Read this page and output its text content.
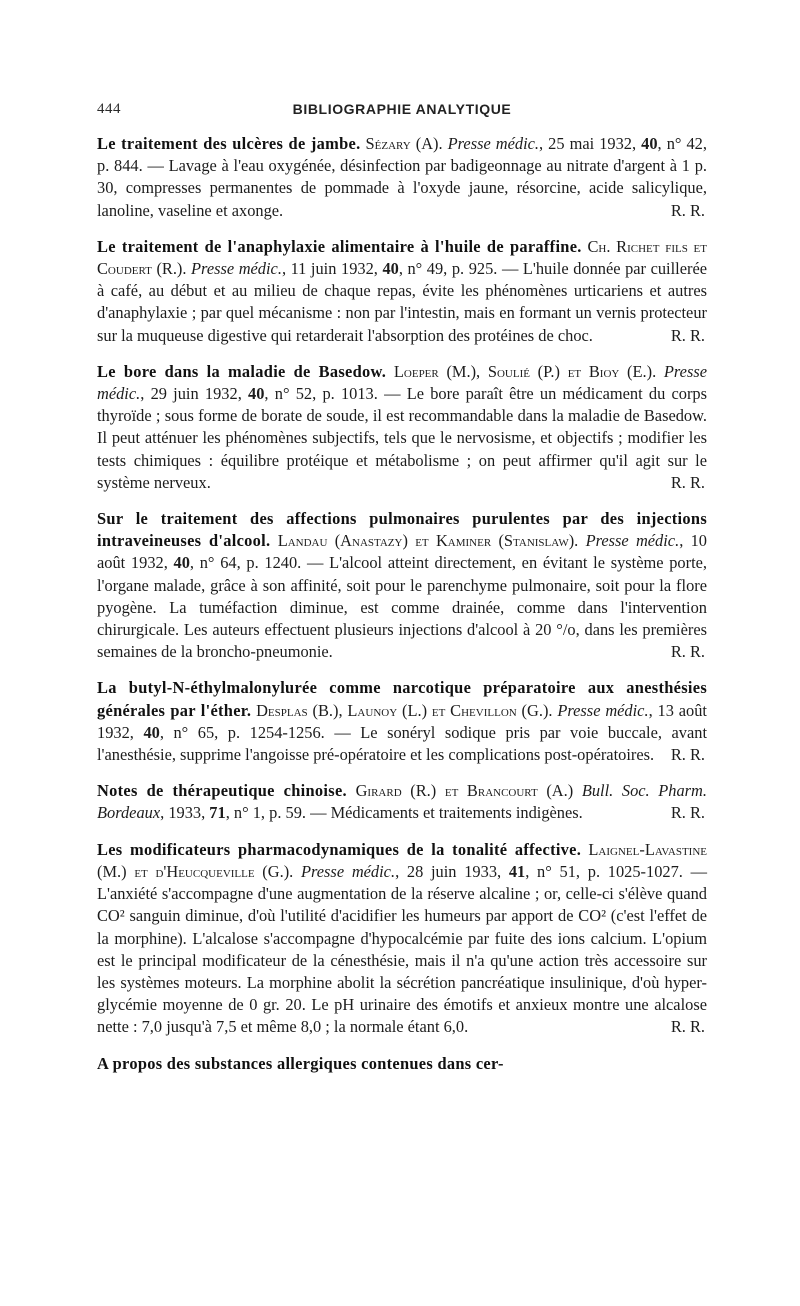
444	BIBLIOGRAPHIE ANALYTIQUE

Le traitement des ulcères de jambe. Sézary (A). Presse médic., 25 mai 1932, 40, n° 42, p. 844. — Lavage à l'eau oxygénée, désinfection par badigeonnage au nitrate d'argent à 1 p. 30, compresses permanentes de pommade à l'oxyde jaune, résorcine, acide salicylique, lanoline, vaseline et axonge.	R. R.

Le traitement de l'anaphylaxie alimentaire à l'huile de paraffine. Ch. Richet fils et Coudert (R.). Presse médic., 11 juin 1932, 40, n° 49, p. 925. — L'huile donnée par cuillerée à café, au début et au milieu de chaque repas, évite les phénomènes urticariens et autres d'anaphylaxie ; par quel mécanisme : non par l'intestin, mais en formant un vernis protecteur sur la muqueuse digestive qui retarderait l'absorption des protéines de choc.	R. R.

Le bore dans la maladie de Basedow. Loeper (M.), Soulié (P.) et Bioy (E.). Presse médic., 29 juin 1932, 40, n° 52, p. 1013. — Le bore paraît être un médicament du corps thyroïde ; sous forme de borate de soude, il est recommandable dans la maladie de Basedow. Il peut atténuer les phénomènes subjectifs, tels que le nervosisme, et objectifs ; modifier les tests chimiques : équilibre protéique et métabolisme ; on peut affirmer qu'il agit sur le système nerveux.	R. R.

Sur le traitement des affections pulmonaires purulentes par des injections intraveineuses d'alcool. Landau (Anastazy) et Kaminer (Stanislaw). Presse médic., 10 août 1932, 40, n° 64, p. 1240. — L'alcool atteint directement, en évitant le système porte, l'organe malade, grâce à son affinité, soit pour le parenchyme pulmonaire, soit pour la flore pyogène. La tuméfaction diminue, est comme drainée, comme dans l'intervention chirurgicale. Les auteurs effectuent plusieurs injections d'alcool à 20 °/o, dans les premières semaines de la broncho-pneumonie.	R. R.

La butyl-N-éthylmalonylurée comme narcotique préparatoire aux anesthésies générales par l'éther. Desplas (B.), Launoy (L.) et Chevillon (G.). Presse médic., 13 août 1932, 40, n° 65, p. 1254-1256. — Le sonéryl sodique pris par voie buccale, avant l'anesthésie, supprime l'angoisse pré-opératoire et les complications post-opératoires. R. R.

Notes de thérapeutique chinoise. Girard (R.) et Brancourt (A.) Bull. Soc. Pharm. Bordeaux, 1933, 71, n° 1, p. 59. — Médicaments et traitements indigènes.	R. R.

Les modificateurs pharmacodynamiques de la tonalité affective. Laignel-Lavastine (M.) et d'Heucqueville (G.). Presse médic., 28 juin 1933, 41, n° 51, p. 1025-1027. — L'anxiété s'accompagne d'une augmentation de la réserve alcaline ; or, celle-ci s'élève quand CO² sanguin diminue, d'où l'utilité d'acidifier les humeurs par apport de CO² (c'est l'effet de la morphine). L'alcalose s'accompagne d'hypocalcémie par fuite des ions calcium. L'opium est le principal modificateur de la cénesthésie, mais il n'a qu'une action très accessoire sur les systèmes moteurs. La morphine abolit la sécrétion pancréatique insulinique, d'où hyper-glycémie moyenne de 0 gr. 20. Le pH urinaire des émotifs et anxieux montre une alcalose nette : 7,0 jusqu'à 7,5 et même 8,0 ; la normale étant 6,0.	R. R.

A propos des substances allergiques contenues dans cer-
